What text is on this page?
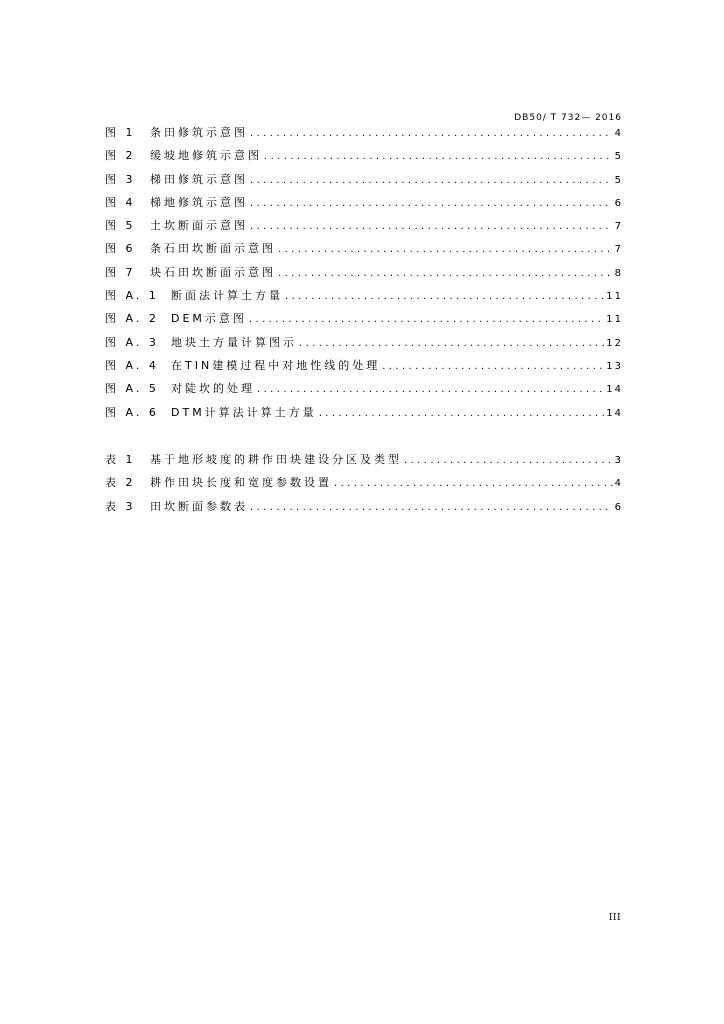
DB50/ T 732— 2016
图 1	条田修筑示意图 .....	4
图 2	缓坡地修筑示意图 .....	5
图 3	梯田修筑示意图 .....	5
图 4	梯地修筑示意图 .....	6
图 5	土坎断面示意图 .....	7
图 6	条石田坎断面示意图 .....	7
图 7	块石田坎断面示意图 .....	8
图 A. 1	断面法计算土方量 .....	11
图 A. 2	DEM示意图 .....	11
图 A. 3	地块土方量计算图示 .....	12
图 A. 4	在TIN建模过程中对地性线的处理 .....	13
图 A. 5	对陡坎的处理 .....	14
图 A. 6	DTM计算法计算土方量 .....	14
表 1	基于地形坡度的耕作田块建设分区及类型 .....	3
表 2	耕作田块长度和宽度参数设置 .....	4
表 3	田坎断面参数表 .....	6
III
